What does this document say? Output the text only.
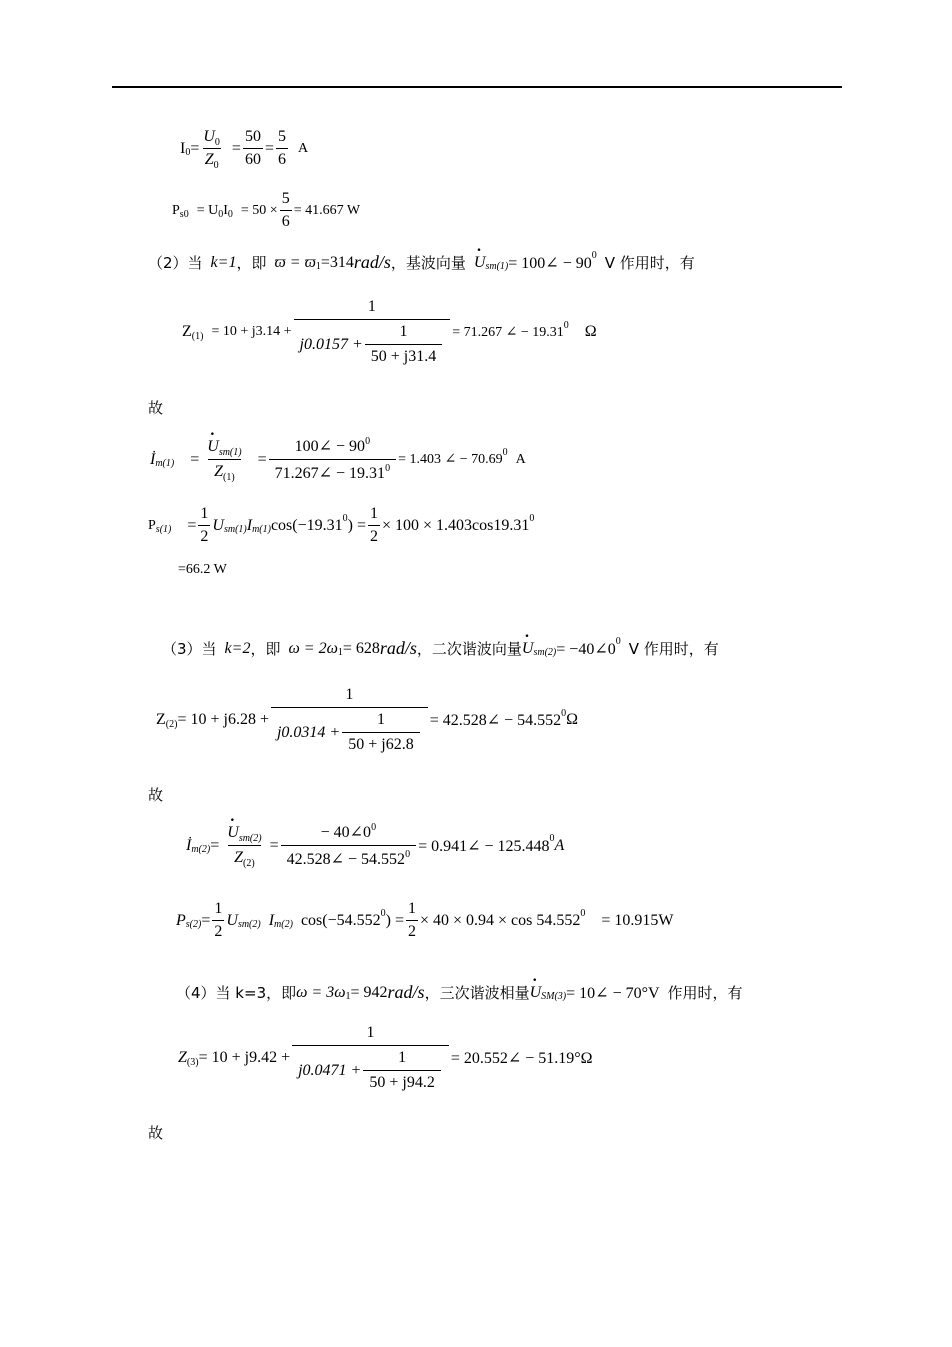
I $0 = \frac{U_0}{Z_0} = \frac{50}{60} = \frac{5}{6}$ A
P s0 = U 0 I $0 = 50 \times \frac{5}{6} = 41.667$ W
（2）当 k=1 ，即 ϖ = ϖ 1 =314 rad/s ，基波向量 · U sm(1) = 100∠ − 90 0 V 作用时，有
Z $(1) = 10 + j3.14 + \frac{1}{j0.0157 + \frac{1}{50 + j31.4}} = 71.267$ ∠ − 19.31 0 Ω
故
İ m(1) = · $\frac{U_{sm(1)}}{Z_{(1)}} = \frac{100\angle - 90^0}{71.267\angle - 19.31^0} = 1.403$ ∠ − 70.69 0 A
P $s(1) = \frac{1}{2}$ U sm(1) I m(1) cos(−19.31 0 ) = $\frac{1}{2} \times 100 \times 1.403\cos 19.31$ 0
=66.2 W
（3）当 k=2 ，即 ω = 2ω 1 = 628 rad/s ，二次谐波向量 · U sm(2) = −40∠0 0 V 作用时，有
Z $(2) = 10 + j6.28 + \frac{1}{j0.0314 + \frac{1}{50 + j62.8}}$ = 42.528∠ − 54.552 0 Ω
故
İ m(2) = · $\frac{U_{sm(2)}}{Z_{(2)}} = \frac{- 40\angle 0^0}{42.528\angle - 54.552^0}$ = 0.941∠ − 125.448 0 A
P $s(2) = \frac{1}{2}$ U sm(2) I m(2) cos(−54.552 0 ) = $\frac{1}{2} \times 40 \times 0.94 \times \cos 54.552$ 0 = 10.915W
（4）当 k=3，即 ω = 3ω 1 = 942 rad/s ，三次谐波相量 · U SM(3) = 10∠ − 70°V 作用时，有
Z $(3) = 10 + j9.42 + \frac{1}{j0.0471 + \frac{1}{50 + j94.2}}$ = 20.552∠ − 51.19°Ω
故
